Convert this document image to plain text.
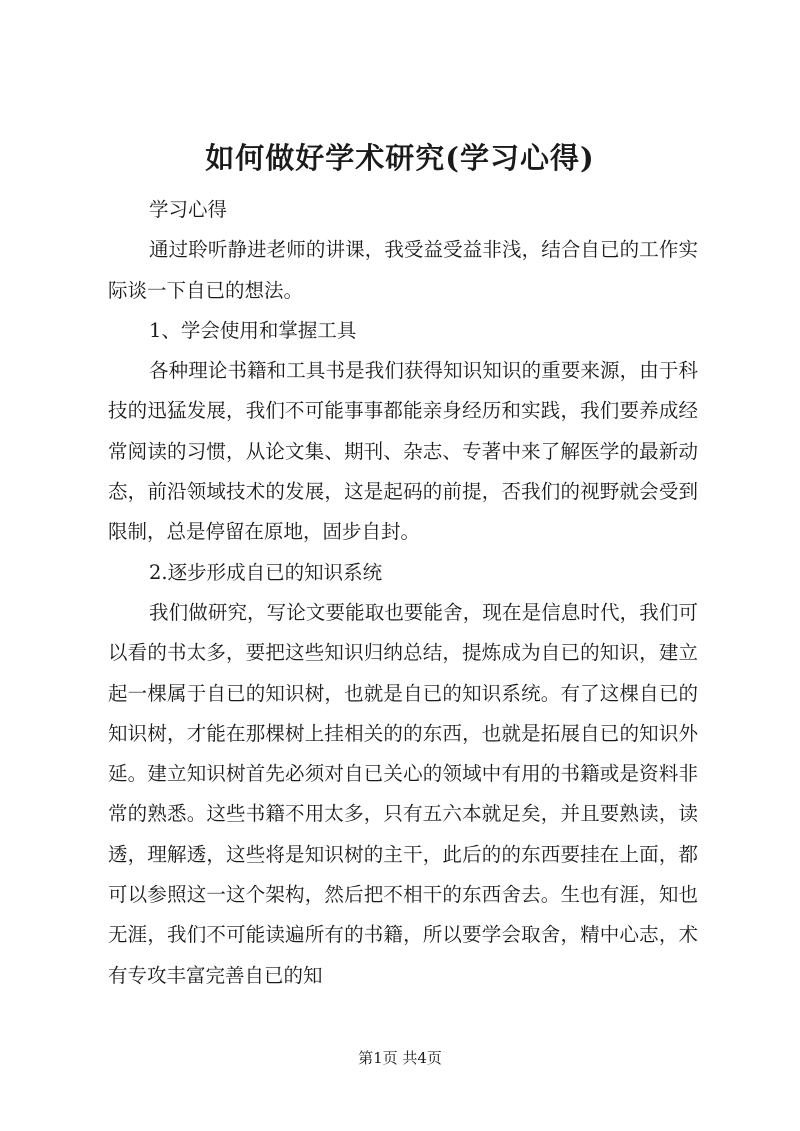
如何做好学术研究(学习心得)

学习心得

通过聆听静进老师的讲课，我受益受益非浅，结合自已的工作实际谈一下自已的想法。

1、学会使用和掌握工具

各种理论书籍和工具书是我们获得知识知识的重要来源，由于科技的迅猛发展，我们不可能事事都能亲身经历和实践，我们要养成经常阅读的习惯，从论文集、期刊、杂志、专著中来了解医学的最新动态，前沿领域技术的发展，这是起码的前提，否我们的视野就会受到限制，总是停留在原地，固步自封。

2.逐步形成自已的知识系统

我们做研究，写论文要能取也要能舍，现在是信息时代，我们可以看的书太多，要把这些知识归纳总结，提炼成为自已的知识，建立起一棵属于自已的知识树，也就是自已的知识系统。有了这棵自已的知识树，才能在那棵树上挂相关的的东西，也就是拓展自已的知识外延。建立知识树首先必须对自已关心的领域中有用的书籍或是资料非常的熟悉。这些书籍不用太多，只有五六本就足矣，并且要熟读，读透，理解透，这些将是知识树的主干，此后的的东西要挂在上面，都可以参照这一这个架构，然后把不相干的东西舍去。生也有涯，知也无涯，我们不可能读遍所有的书籍，所以要学会取舍，精中心志，术有专攻丰富完善自已的知

第1页 共4页
